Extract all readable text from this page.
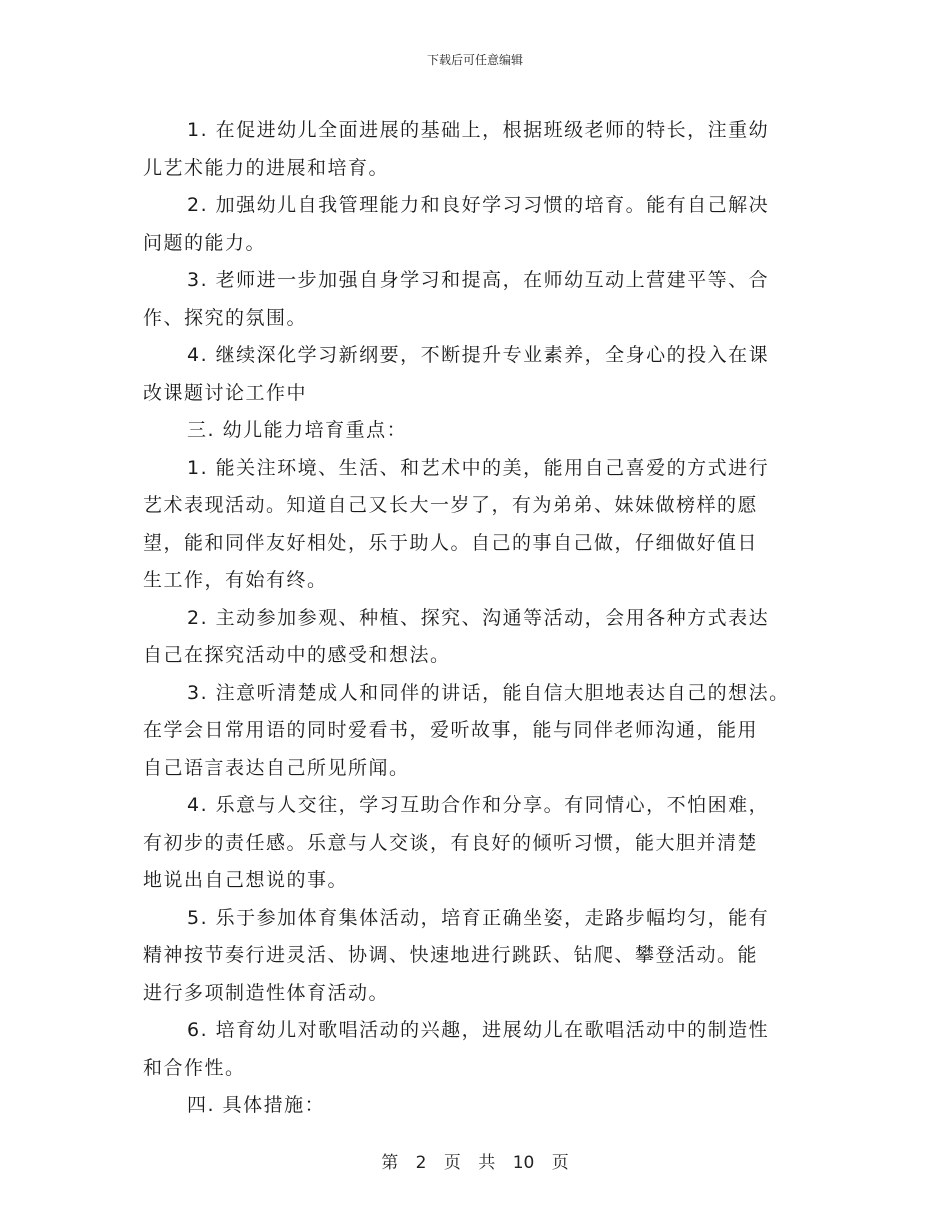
下载后可任意编辑

1. 在促进幼儿全面进展的基础上，根据班级老师的特长，注重幼
儿艺术能力的进展和培育。

2. 加强幼儿自我管理能力和良好学习习惯的培育。能有自己解决
问题的能力。

3. 老师进一步加强自身学习和提高，在师幼互动上营建平等、合
作、探究的氛围。

4. 继续深化学习新纲要，不断提升专业素养，全身心的投入在课
改课题讨论工作中

三. 幼儿能力培育重点：

1. 能关注环境、生活、和艺术中的美，能用自己喜爱的方式进行
艺术表现活动。知道自己又长大一岁了，有为弟弟、妹妹做榜样的愿
望，能和同伴友好相处，乐于助人。自己的事自己做，仔细做好值日
生工作，有始有终。

2. 主动参加参观、种植、探究、沟通等活动，会用各种方式表达
自己在探究活动中的感受和想法。

3. 注意听清楚成人和同伴的讲话，能自信大胆地表达自己的想法。
在学会日常用语的同时爱看书，爱听故事，能与同伴老师沟通，能用
自己语言表达自己所见所闻。

4. 乐意与人交往，学习互助合作和分享。有同情心，不怕困难，
有初步的责任感。乐意与人交谈，有良好的倾听习惯，能大胆并清楚
地说出自己想说的事。

5. 乐于参加体育集体活动，培育正确坐姿，走路步幅均匀，能有
精神按节奏行进灵活、协调、快速地进行跳跃、钻爬、攀登活动。能
进行多项制造性体育活动。

6. 培育幼儿对歌唱活动的兴趣，进展幼儿在歌唱活动中的制造性
和合作性。

四. 具体措施：

第 2 页 共 10 页
